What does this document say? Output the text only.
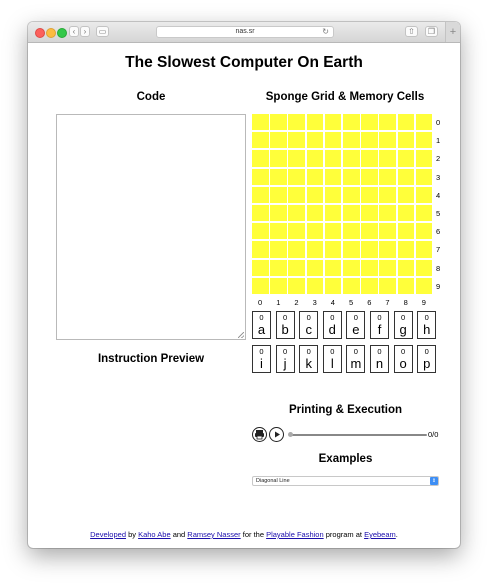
‹	›	▭	nas.sr	↻	⇧	❐	+
The Slowest Computer On Earth
Code	Sponge Grid & Memory Cells
Instruction Preview
0
1
2
3
4
5
6
7
8
9
0 1 2 3 4 5 6 7 8 9
0
a
0
b
0
c
0
d
0
e
0
f
0
g
0
h
0
i
0
j
0
k
0
l
0
m
0
n
0
o
0
p
Printing & Execution
0/0
Examples
Diagonal Line	⇕
Developed by Kaho Abe and Ramsey Nasser for the Playable Fashion program at Eyebeam.
